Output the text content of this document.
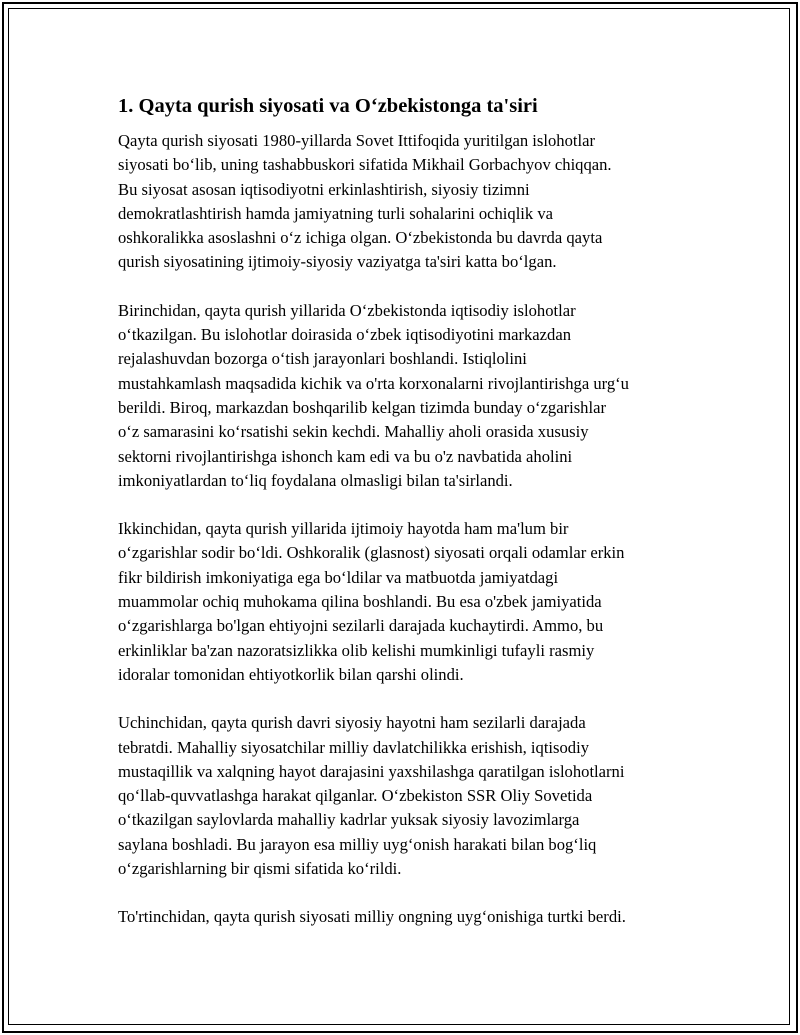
1. Qayta qurish siyosati va O‘zbekistonga ta'siri
Qayta qurish siyosati 1980-yillarda Sovet Ittifoqida yuritilgan islohotlar
siyosati bo‘lib, uning tashabbuskori sifatida Mikhail Gorbachyov chiqqan.
Bu siyosat asosan iqtisodiyotni erkinlashtirish, siyosiy tizimni
demokratlashtirish hamda jamiyatning turli sohalarini ochiqlik va
oshkoralikka asoslashni oʻz ichiga olgan. O‘zbekistonda bu davrda qayta
qurish siyosatining ijtimoiy-siyosiy vaziyatga ta'siri katta bo‘lgan.
Birinchidan, qayta qurish yillarida O‘zbekistonda iqtisodiy islohotlar
o‘tkazilgan. Bu islohotlar doirasida oʻzbek iqtisodiyotini markazdan
rejalashuvdan bozorga o‘tish jarayonlari boshlandi. Istiqlolini
mustahkamlash maqsadida kichik va o'rta korxonalarni rivojlantirishga urg‘u
berildi. Biroq, markazdan boshqarilib kelgan tizimda bunday o‘zgarishlar
o‘z samarasini ko‘rsatishi sekin kechdi. Mahalliy aholi orasida xususiy
sektorni rivojlantirishga ishonch kam edi va bu o'z navbatida aholini
imkoniyatlardan to‘liq foydalana olmasligi bilan ta'sirlandi.
Ikkinchidan, qayta qurish yillarida ijtimoiy hayotda ham ma'lum bir
o‘zgarishlar sodir bo‘ldi. Oshkoralik (glasnost) siyosati orqali odamlar erkin
fikr bildirish imkoniyatiga ega bo‘ldilar va matbuotda jamiyatdagi
muammolar ochiq muhokama qilina boshlandi. Bu esa o'zbek jamiyatida
o‘zgarishlarga bo'lgan ehtiyojni sezilarli darajada kuchaytirdi. Ammo, bu
erkinliklar ba'zan nazoratsizlikka olib kelishi mumkinligi tufayli rasmiy
idoralar tomonidan ehtiyotkorlik bilan qarshi olindi.
Uchinchidan, qayta qurish davri siyosiy hayotni ham sezilarli darajada
tebratdi. Mahalliy siyosatchilar milliy davlatchilikka erishish, iqtisodiy
mustaqillik va xalqning hayot darajasini yaxshilashga qaratilgan islohotlarni
qo‘llab-quvvatlashga harakat qilganlar. O‘zbekiston SSR Oliy Sovetida
o‘tkazilgan saylovlarda mahalliy kadrlar yuksak siyosiy lavozimlarga
saylana boshladi. Bu jarayon esa milliy uyg‘onish harakati bilan bog‘liq
o‘zgarishlarning bir qismi sifatida ko‘rildi.
To'rtinchidan, qayta qurish siyosati milliy ongning uyg‘onishiga turtki berdi.
